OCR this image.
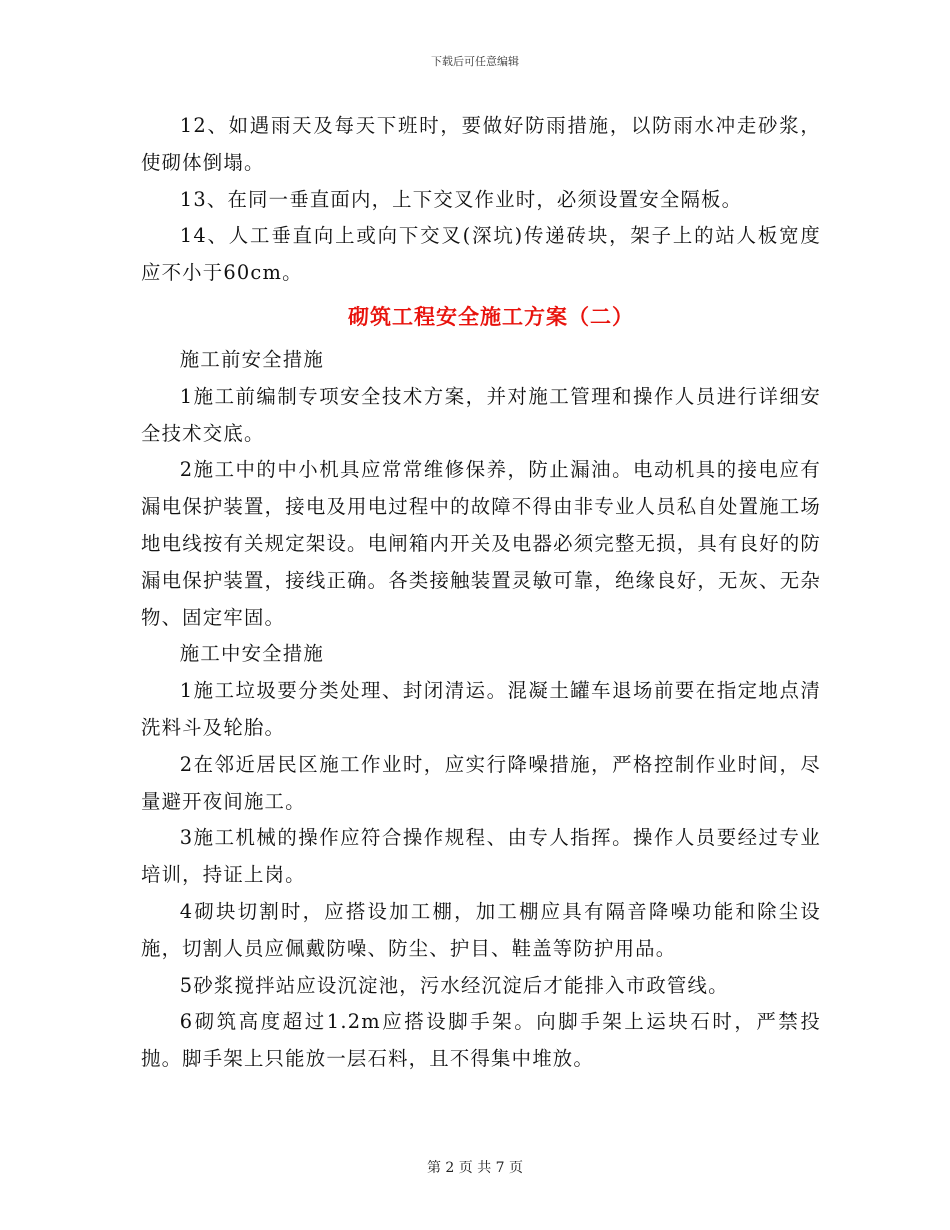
下载后可任意编辑

12、如遇雨天及每天下班时，要做好防雨措施，以防雨水冲走砂浆，使砌体倒塌。

13、在同一垂直面内，上下交叉作业时，必须设置安全隔板。

14、人工垂直向上或向下交叉(深坑)传递砖块，架子上的站人板宽度应不小于60cm。

砌筑工程安全施工方案（二）

施工前安全措施

1施工前编制专项安全技术方案，并对施工管理和操作人员进行详细安全技术交底。

2施工中的中小机具应常常维修保养，防止漏油。电动机具的接电应有漏电保护装置，接电及用电过程中的故障不得由非专业人员私自处置施工场地电线按有关规定架设。电闸箱内开关及电器必须完整无损，具有良好的防漏电保护装置，接线正确。各类接触装置灵敏可靠，绝缘良好，无灰、无杂物、固定牢固。

施工中安全措施

1施工垃圾要分类处理、封闭清运。混凝土罐车退场前要在指定地点清洗料斗及轮胎。

2在邻近居民区施工作业时，应实行降噪措施，严格控制作业时间，尽量避开夜间施工。

3施工机械的操作应符合操作规程、由专人指挥。操作人员要经过专业培训，持证上岗。

4砌块切割时，应搭设加工棚，加工棚应具有隔音降噪功能和除尘设施，切割人员应佩戴防噪、防尘、护目、鞋盖等防护用品。

5砂浆搅拌站应设沉淀池，污水经沉淀后才能排入市政管线。

6砌筑高度超过1.2m应搭设脚手架。向脚手架上运块石时，严禁投抛。脚手架上只能放一层石料，且不得集中堆放。

第 2 页 共 7 页
